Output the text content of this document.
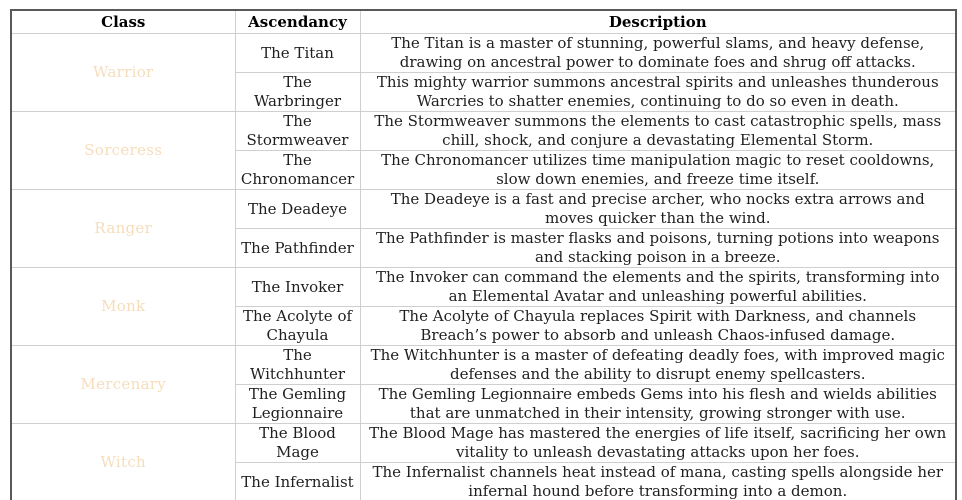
Class	Ascendancy	Description
Warrior	The Titan	The Titan is a master of stunning, powerful slams, and heavy defense, drawing on ancestral power to dominate foes and shrug off attacks.
	The Warbringer	This mighty warrior summons ancestral spirits and unleashes thunderous Warcries to shatter enemies, continuing to do so even in death.
Sorceress	The Stormweaver	The Stormweaver summons the elements to cast catastrophic spells, mass chill, shock, and conjure a devastating Elemental Storm.
	The Chronomancer	The Chronomancer utilizes time manipulation magic to reset cooldowns, slow down enemies, and freeze time itself.
Ranger	The Deadeye	The Deadeye is a fast and precise archer, who nocks extra arrows and moves quicker than the wind.
	The Pathfinder	The Pathfinder is master flasks and poisons, turning potions into weapons and stacking poison in a breeze.
Monk	The Invoker	The Invoker can command the elements and the spirits, transforming into an Elemental Avatar and unleashing powerful abilities.
	The Acolyte of Chayula	The Acolyte of Chayula replaces Spirit with Darkness, and channels Breach’s power to absorb and unleash Chaos-infused damage.
Mercenary	The Witchhunter	The Witchhunter is a master of defeating deadly foes, with improved magic defenses and the ability to disrupt enemy spellcasters.
	The Gemling Legionnaire	The Gemling Legionnaire embeds Gems into his flesh and wields abilities that are unmatched in their intensity, growing stronger with use.
Witch	The Blood Mage	The Blood Mage has mastered the energies of life itself, sacrificing her own vitality to unleash devastating attacks upon her foes.
	The Infernalist	The Infernalist channels heat instead of mana, casting spells alongside her infernal hound before transforming into a demon.
